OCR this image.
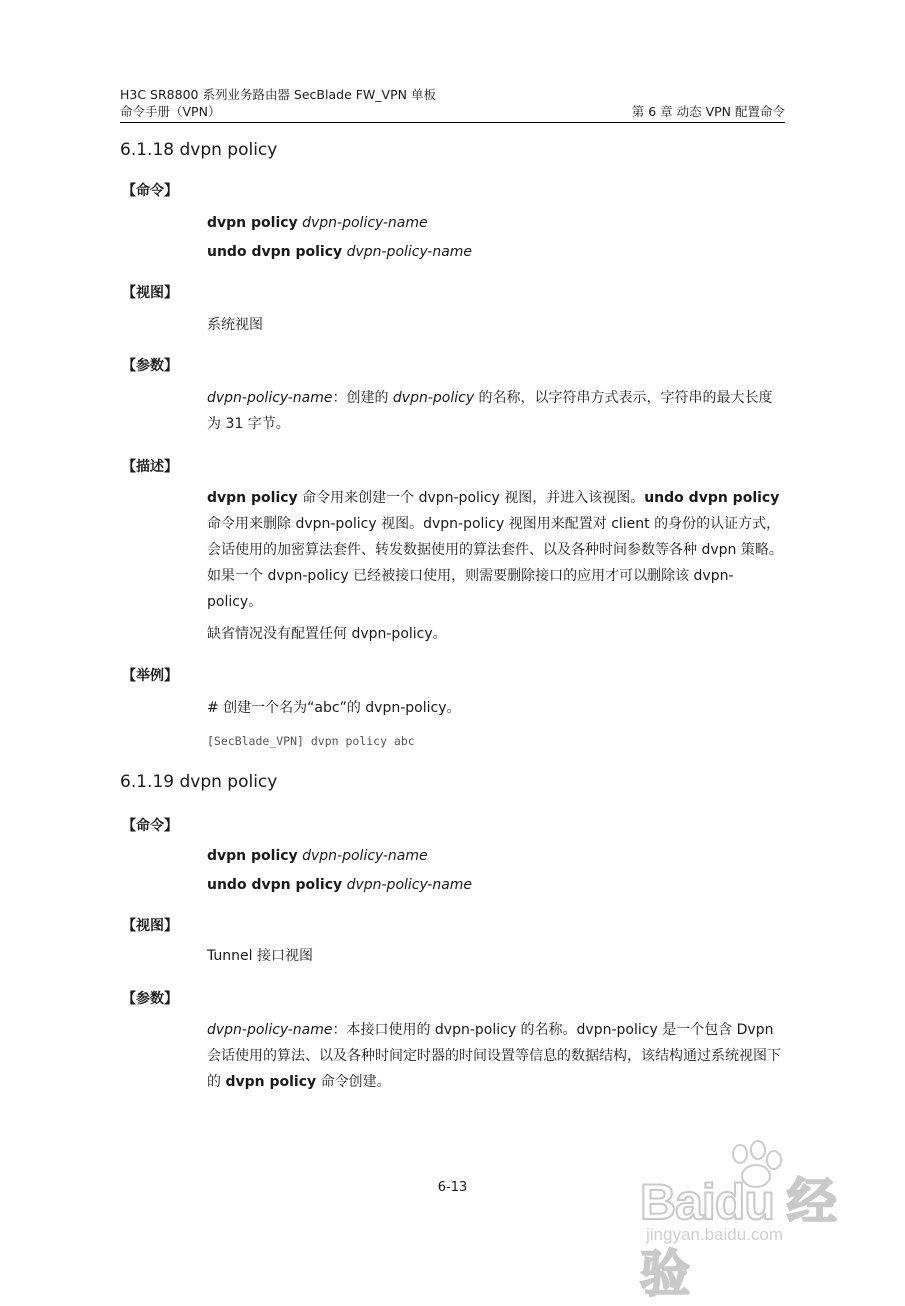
H3C SR8800 系列业务路由器 SecBlade FW_VPN 单板
命令手册（VPN）	第 6 章 动态 VPN 配置命令
6.1.18 dvpn policy
【命令】
dvpn policy dvpn-policy-name
undo dvpn policy dvpn-policy-name
【视图】
系统视图
【参数】
dvpn-policy-name：创建的 dvpn-policy 的名称，以字符串方式表示，字符串的最大长度为 31 字节。
【描述】
dvpn policy 命令用来创建一个 dvpn-policy 视图，并进入该视图。undo dvpn policy 命令用来删除 dvpn-policy 视图。dvpn-policy 视图用来配置对 client 的身份的认证方式，会话使用的加密算法套件、转发数据使用的算法套件、以及各种时间参数等各种 dvpn 策略。如果一个 dvpn-policy 已经被接口使用，则需要删除接口的应用才可以删除该 dvpn-policy。
缺省情况没有配置任何 dvpn-policy。
【举例】
# 创建一个名为“abc”的 dvpn-policy。
[SecBlade_VPN] dvpn policy abc
6.1.19 dvpn policy
【命令】
dvpn policy dvpn-policy-name
undo dvpn policy dvpn-policy-name
【视图】
Tunnel 接口视图
【参数】
dvpn-policy-name：本接口使用的 dvpn-policy 的名称。dvpn-policy 是一个包含 Dvpn 会话使用的算法、以及各种时间定时器的时间设置等信息的数据结构，该结构通过系统视图下的 dvpn policy 命令创建。
6-13	Baidu 经验
jingyan.baidu.com
